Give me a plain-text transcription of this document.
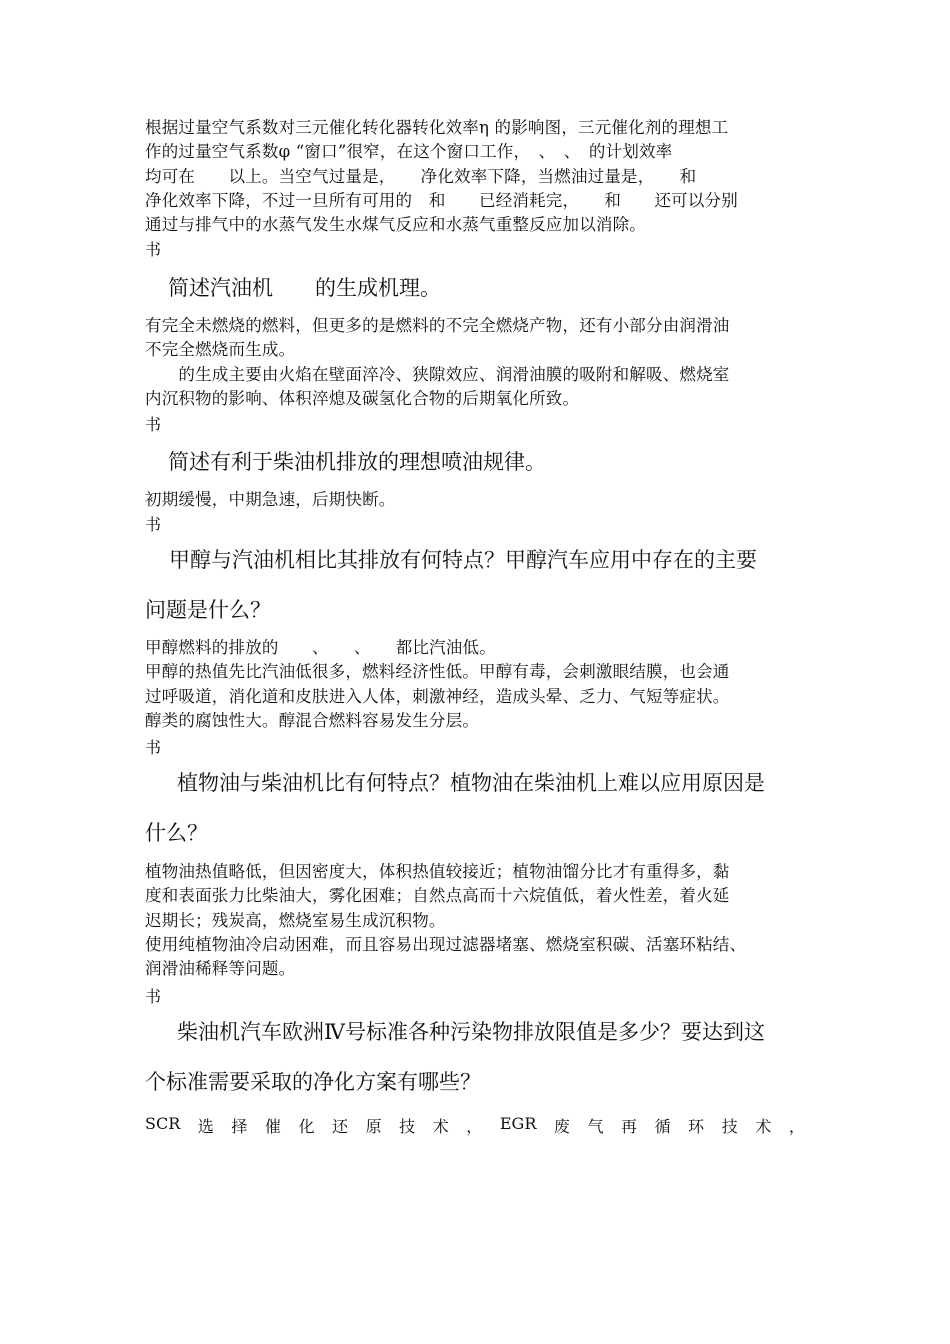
根据过量空气系数对三元催化转化器转化效率η 的影响图，三元催化剂的理想工
作的过量空气系数φ “窗口”很窄，在这个窗口工作，　、　、　的计划效率
均可在　　以上。当空气过量是，　　净化效率下降，当燃油过量是，　　和
净化效率下降，不过一旦所有可用的　和　　已经消耗完，　　和　　还可以分别
通过与排气中的水蒸气发生水煤气反应和水蒸气重整反应加以消除。

书

简述汽油机　　的生成机理。

有完全未燃烧的燃料，但更多的是燃料的不完全燃烧产物，还有小部分由润滑油
不完全燃烧而生成。
　　的生成主要由火焰在壁面淬冷、狭隙效应、润滑油膜的吸附和解吸、燃烧室
内沉积物的影响、体积淬熄及碳氢化合物的后期氧化所致。

书

简述有利于柴油机排放的理想喷油规律。

初期缓慢，中期急速，后期快断。

书

甲醇与汽油机相比其排放有何特点？甲醇汽车应用中存在的主要
问题是什么？

甲醇燃料的排放的　　、　　、　　都比汽油低。
甲醇的热值先比汽油低很多，燃料经济性低。甲醇有毒，会刺激眼结膜，也会通
过呼吸道，消化道和皮肤进入人体，刺激神经，造成头晕、乏力、气短等症状。
醇类的腐蚀性大。醇混合燃料容易发生分层。

书

植物油与柴油机比有何特点？植物油在柴油机上难以应用原因是
什么？

植物油热值略低，但因密度大，体积热值较接近；植物油馏分比才有重得多，黏
度和表面张力比柴油大，雾化困难；自然点高而十六烷值低，着火性差，着火延
迟期长；残炭高，燃烧室易生成沉积物。
使用纯植物油冷启动困难，而且容易出现过滤器堵塞、燃烧室积碳、活塞环粘结、
润滑油稀释等问题。

书

柴油机汽车欧洲Ⅳ号标准各种污染物排放限值是多少？要达到这
个标准需要采取的净化方案有哪些？

SCR 选 择 催 化 还 原 技 术 ， EGR 废 气 再 循 环 技 术 ，
